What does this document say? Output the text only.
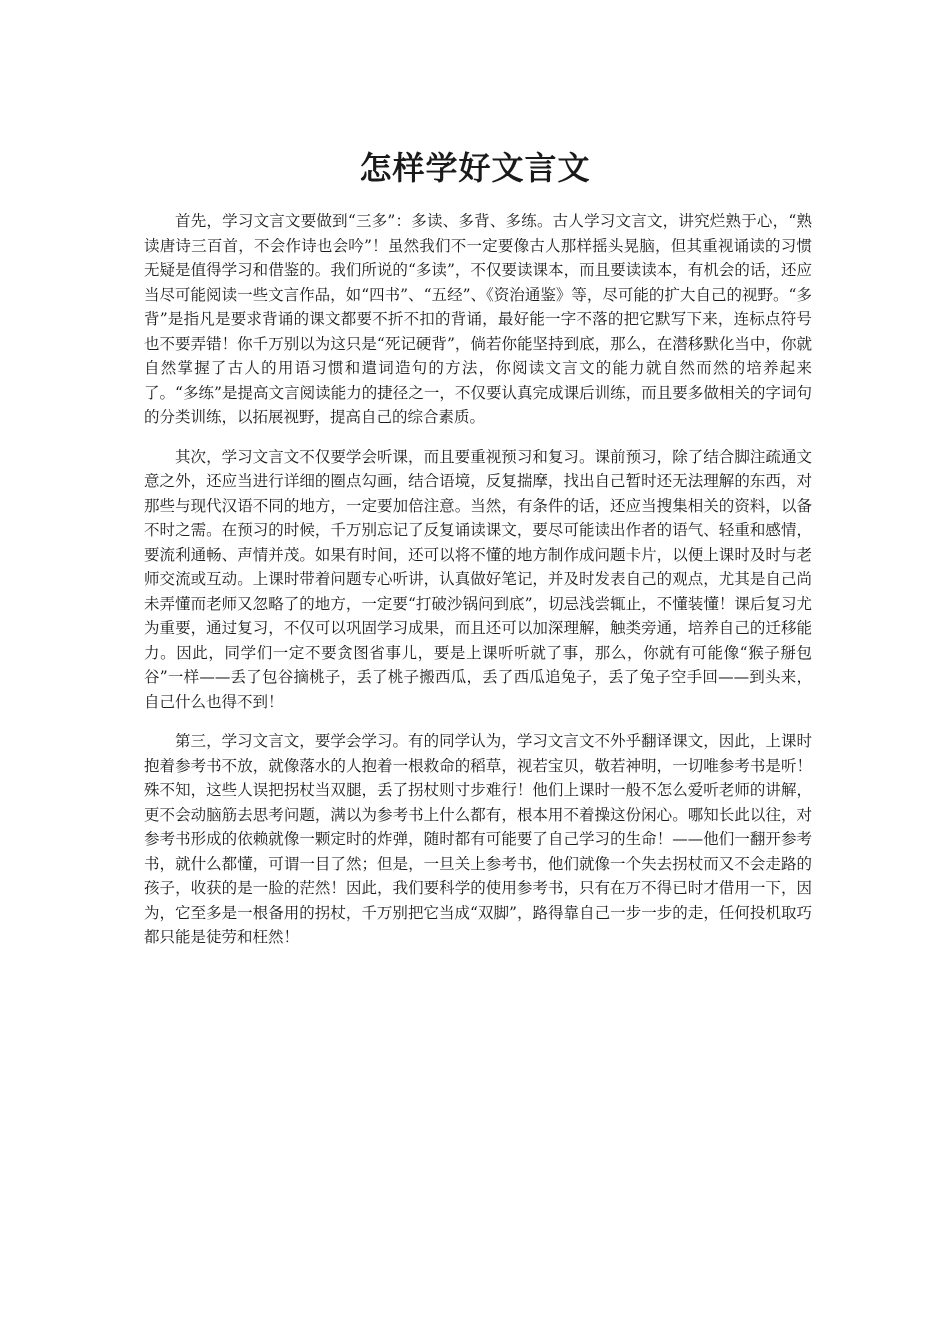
怎样学好文言文

首先，学习文言文要做到“三多”：多读、多背、多练。古人学习文言文，讲究烂熟于心，“熟读唐诗三百首，不会作诗也会吟”！虽然我们不一定要像古人那样摇头晃脑，但其重视诵读的习惯无疑是值得学习和借鉴的。我们所说的“多读”，不仅要读课本，而且要读读本，有机会的话，还应当尽可能阅读一些文言作品，如“四书”、“五经”、《资治通鉴》等，尽可能的扩大自己的视野。“多背”是指凡是要求背诵的课文都要不折不扣的背诵，最好能一字不落的把它默写下来，连标点符号也不要弄错！你千万别以为这只是“死记硬背”，倘若你能坚持到底，那么，在潜移默化当中，你就自然掌握了古人的用语习惯和遣词造句的方法，你阅读文言文的能力就自然而然的培养起来了。“多练”是提高文言阅读能力的捷径之一，不仅要认真完成课后训练，而且要多做相关的字词句的分类训练，以拓展视野，提高自己的综合素质。

其次，学习文言文不仅要学会听课，而且要重视预习和复习。课前预习，除了结合脚注疏通文意之外，还应当进行详细的圈点勾画，结合语境，反复揣摩，找出自己暂时还无法理解的东西，对那些与现代汉语不同的地方，一定要加倍注意。当然，有条件的话，还应当搜集相关的资料，以备不时之需。在预习的时候，千万别忘记了反复诵读课文，要尽可能读出作者的语气、轻重和感情，要流利通畅、声情并茂。如果有时间，还可以将不懂的地方制作成问题卡片，以便上课时及时与老师交流或互动。上课时带着问题专心听讲，认真做好笔记，并及时发表自己的观点，尤其是自己尚未弄懂而老师又忽略了的地方，一定要“打破沙锅问到底”，切忌浅尝辄止，不懂装懂！课后复习尤为重要，通过复习，不仅可以巩固学习成果，而且还可以加深理解，触类旁通，培养自己的迁移能力。因此，同学们一定不要贪图省事儿，要是上课听听就了事，那么，你就有可能像“猴子掰包谷”一样——丢了包谷摘桃子，丢了桃子搬西瓜，丢了西瓜追兔子，丢了兔子空手回——到头来，自己什么也得不到！

第三，学习文言文，要学会学习。有的同学认为，学习文言文不外乎翻译课文，因此，上课时抱着参考书不放，就像落水的人抱着一根救命的稻草，视若宝贝，敬若神明，一切唯参考书是听！殊不知，这些人误把拐杖当双腿，丢了拐杖则寸步难行！他们上课时一般不怎么爱听老师的讲解，更不会动脑筋去思考问题，满以为参考书上什么都有，根本用不着操这份闲心。哪知长此以往，对参考书形成的依赖就像一颗定时的炸弹，随时都有可能要了自己学习的生命！——他们一翻开参考书，就什么都懂，可谓一目了然；但是，一旦关上参考书，他们就像一个失去拐杖而又不会走路的孩子，收获的是一脸的茫然！因此，我们要科学的使用参考书，只有在万不得已时才借用一下，因为，它至多是一根备用的拐杖，千万别把它当成“双脚”，路得靠自己一步一步的走，任何投机取巧都只能是徒劳和枉然！
